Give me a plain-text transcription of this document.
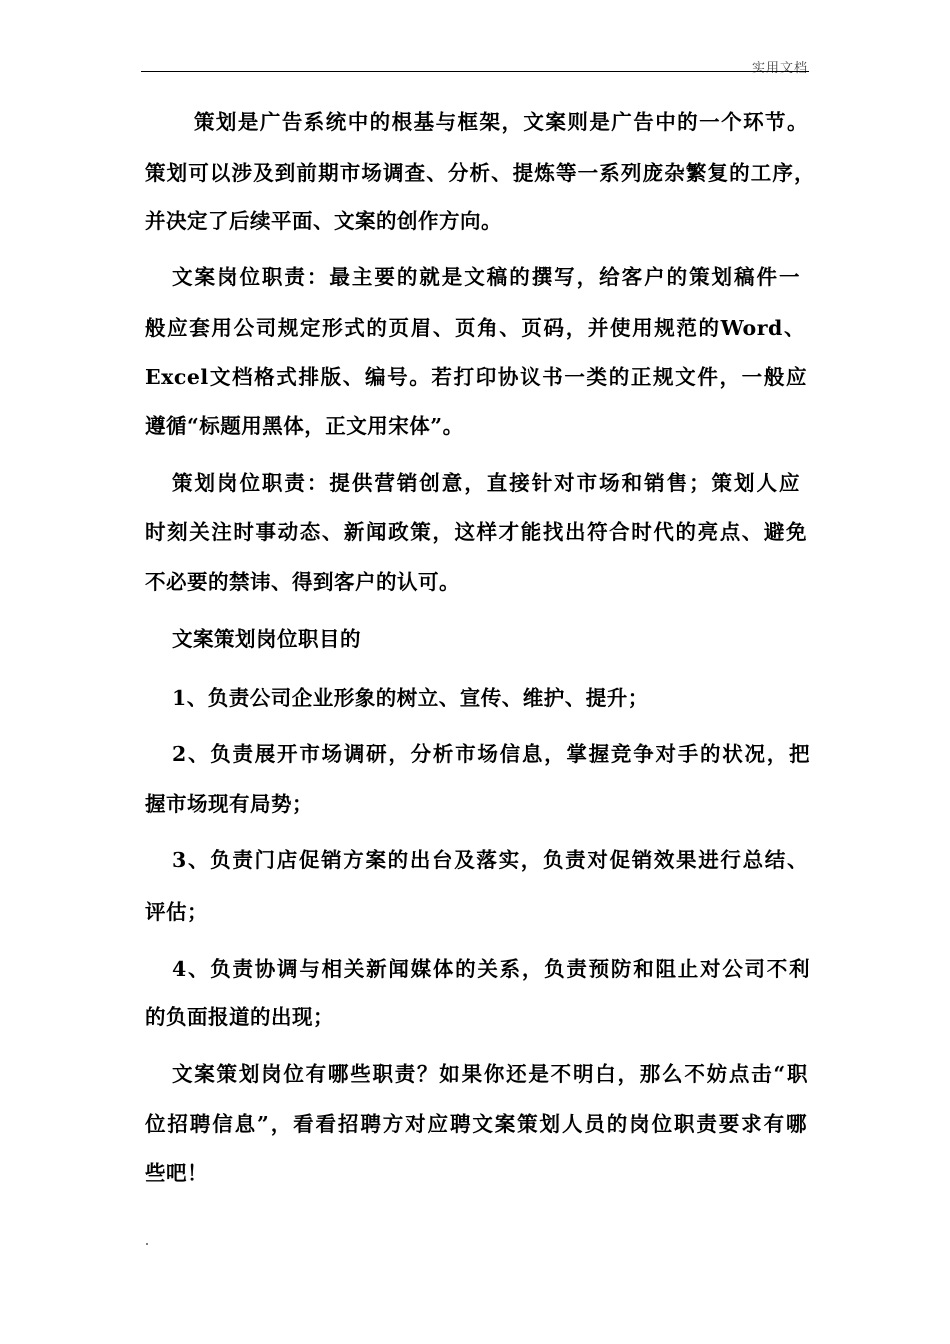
实用文档
　策划是广告系统中的根基与框架，文案则是广告中的一个环节。
策划可以涉及到前期市场调查、分析、提炼等一系列庞杂繁复的工序，
并决定了后续平面、文案的创作方向。
文案岗位职责：最主要的就是文稿的撰写，给客户的策划稿件一
般应套用公司规定形式的页眉、页角、页码，并使用规范的Word、
Excel文档格式排版、编号。若打印协议书一类的正规文件，一般应
遵循“标题用黑体，正文用宋体”。
策划岗位职责：提供营销创意，直接针对市场和销售；策划人应
时刻关注时事动态、新闻政策，这样才能找出符合时代的亮点、避免
不必要的禁讳、得到客户的认可。
文案策划岗位职目的
1、负责公司企业形象的树立、宣传、维护、提升；
2、负责展开市场调研，分析市场信息，掌握竞争对手的状况，把
握市场现有局势；
3、负责门店促销方案的出台及落实，负责对促销效果进行总结、
评估；
4、负责协调与相关新闻媒体的关系，负责预防和阻止对公司不利
的负面报道的出现；
文案策划岗位有哪些职责？如果你还是不明白，那么不妨点击“职
位招聘信息”，看看招聘方对应聘文案策划人员的岗位职责要求有哪
些吧！
